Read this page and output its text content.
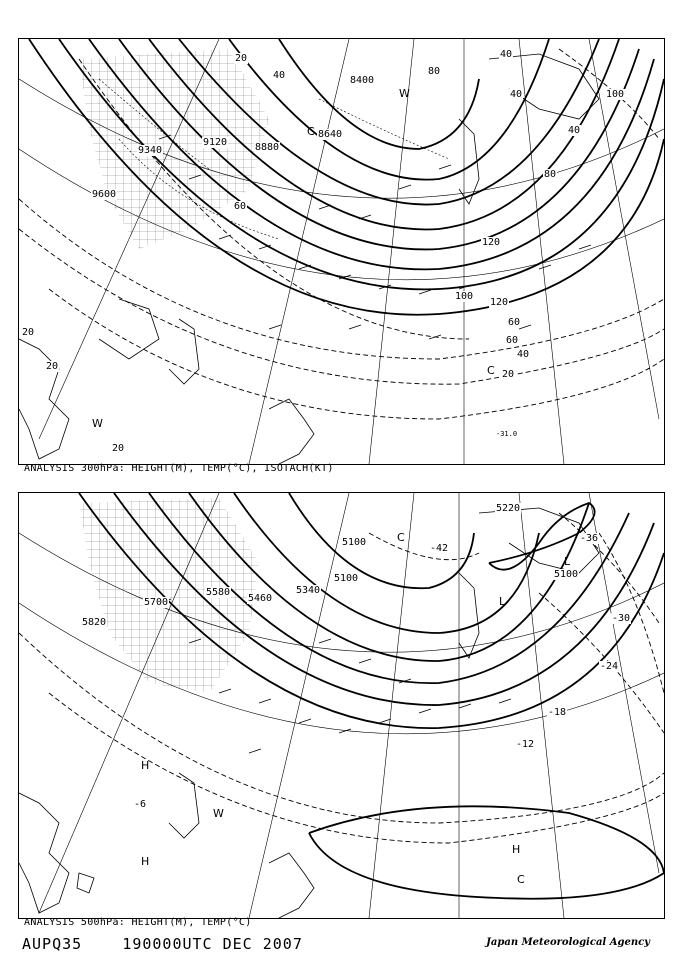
8400
8640
8880
9120
9340
9600
20
40
60
80
100
120
40
40
60
80
20
20
20
100
120
40
60
40
20
-31.0
W
C
C
W
ANALYSIS 300hPa: HEIGHT(M), TEMP(°C), ISOTACH(KT)
5100
5100
5220
5340
5460
5580
5700
5820
5100
-42
-36
-30
-24
-18
-12
-6
C
L
L
H
H
C
W
H
ANALYSIS 500hPa: HEIGHT(M), TEMP(°C)
AUPQ35	190000UTC DEC 2007	Japan Meteorological Agency
